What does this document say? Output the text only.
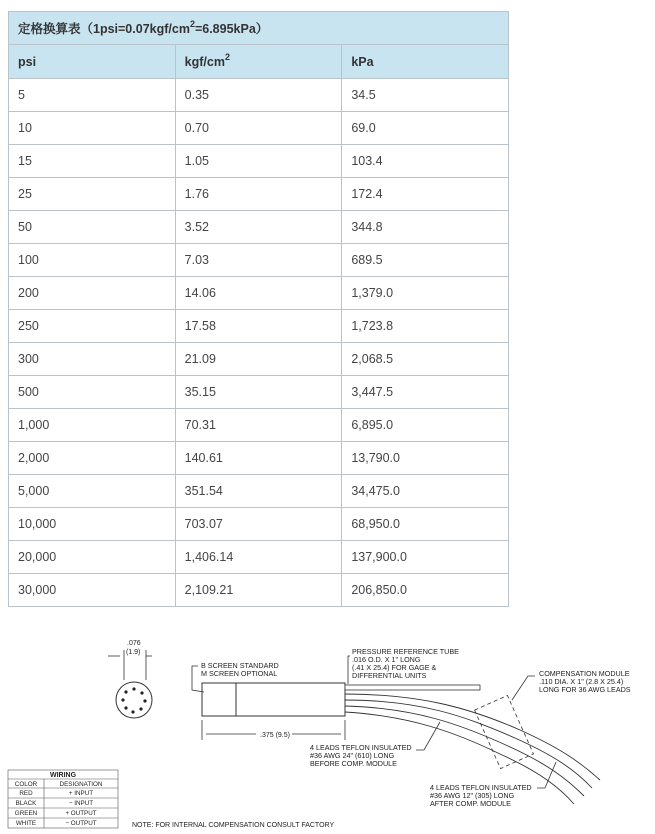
定格换算表$(1psi=0.07kgf/cm^2=6.895kPa)$		
psi	kgf/$cm^2$	kPa
5	0.35	34.5
10	0.70	69.0
15	1.05	103.4
25	1.76	172.4
50	3.52	344.8
100	7.03	689.5
200	14.06	1,379.0
250	17.58	1,723.8
300	21.09	2,068.5
500	35.15	3,447.5
1,000	70.31	6,895.0
2,000	140.61	13,790.0
5,000	351.54	34,475.0
10,000	703.07	68,950.0
20,000	1,406.14	137,900.0
30,000	2,109.21	206,850.0
.076
(1.9)
B SCREEN STANDARD
M SCREEN OPTIONAL
.375 (9.5)
PRESSURE REFERENCE TUBE
.016 O.D. X 1" LONG
(.41 X 25.4) FOR GAGE &
DIFFERENTIAL UNITS	COMPENSATION MODULE
.110 DIA. X 1" (2.8 X 25.4)
LONG FOR 36 AWG LEADS
4 LEADS TEFLON INSULATED
#36 AWG 24" (610) LONG
BEFORE COMP. MODULE
4 LEADS TEFLON INSULATED
#36 AWG 12" (305) LONG
AFTER COMP. MODULE
WIRING
COLOR	DESIGNATION
RED	+ INPUT
BLACK	− INPUT
GREEN	+ OUTPUT
WHITE	− OUTPUT	NOTE: FOR INTERNAL COMPENSATION CONSULT FACTORY
